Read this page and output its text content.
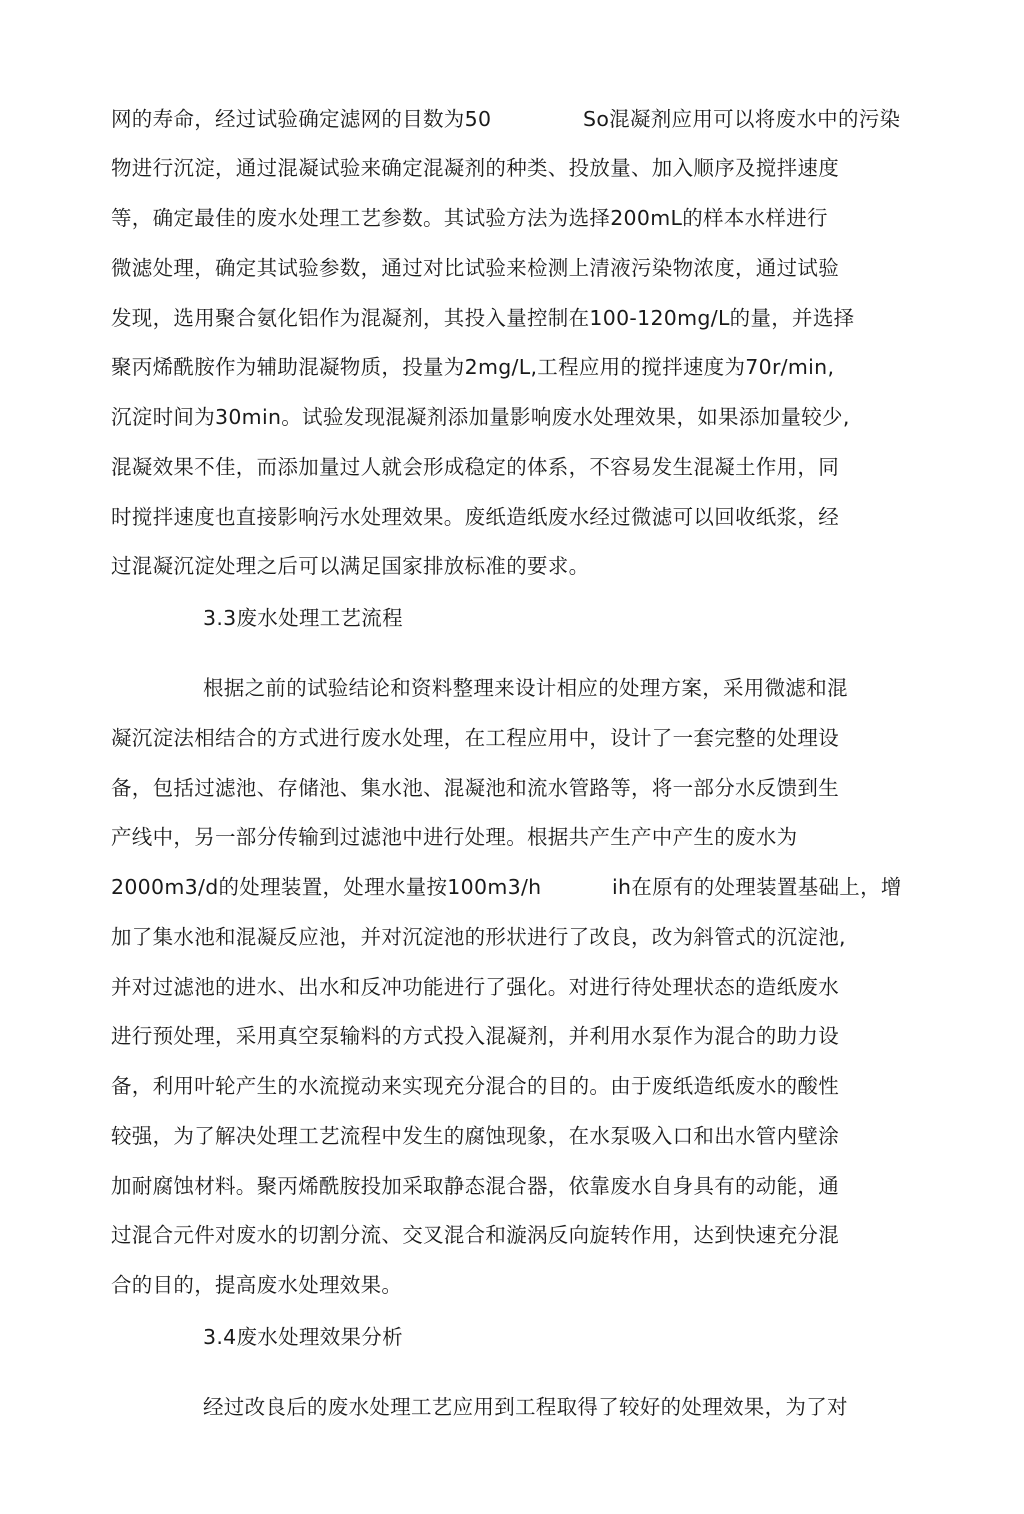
网的寿命，经过试验确定滤网的目数为50	So混凝剂应用可以将废水中的污染
物进行沉淀，通过混凝试验来确定混凝剂的种类、投放量、加入顺序及搅拌速度
等，确定最佳的废水处理工艺参数。其试验方法为选择200mL的样本水样进行
微滤处理，确定其试验参数，通过对比试验来检测上清液污染物浓度，通过试验
发现，选用聚合氨化铝作为混凝剂，其投入量控制在100-120mg/L的量，并选择
聚丙烯酰胺作为辅助混凝物质，投量为2mg/L,工程应用的搅拌速度为70r/min,
沉淀时间为30min。试验发现混凝剂添加量影响废水处理效果，如果添加量较少,
混凝效果不佳，而添加量过人就会形成稳定的体系，不容易发生混凝土作用，同
时搅拌速度也直接影响污水处理效果。废纸造纸废水经过微滤可以回收纸浆，经
过混凝沉淀处理之后可以满足国家排放标准的要求。
3.3废水处理工艺流程
根据之前的试验结论和资料整理来设计相应的处理方案，采用微滤和混
凝沉淀法相结合的方式进行废水处理，在工程应用中，设计了一套完整的处理设
备，包括过滤池、存储池、集水池、混凝池和流水管路等，将一部分水反馈到生
产线中，另一部分传输到过滤池中进行处理。根据共产生产中产生的废水为
2000m3/d的处理装置，处理水量按100m3/h	ih在原有的处理装置基础上，增
加了集水池和混凝反应池，并对沉淀池的形状进行了改良，改为斜管式的沉淀池,
并对过滤池的进水、出水和反冲功能进行了强化。对进行待处理状态的造纸废水
进行预处理，采用真空泵输料的方式投入混凝剂，并利用水泵作为混合的助力设
备，利用叶轮产生的水流搅动来实现充分混合的目的。由于废纸造纸废水的酸性
较强，为了解决处理工艺流程中发生的腐蚀现象，在水泵吸入口和出水管内壁涂
加耐腐蚀材料。聚丙烯酰胺投加采取静态混合器，依靠废水自身具有的动能，通
过混合元件对废水的切割分流、交叉混合和漩涡反向旋转作用，达到快速充分混
合的目的，提高废水处理效果。
3.4废水处理效果分析
经过改良后的废水处理工艺应用到工程取得了较好的处理效果，为了对
